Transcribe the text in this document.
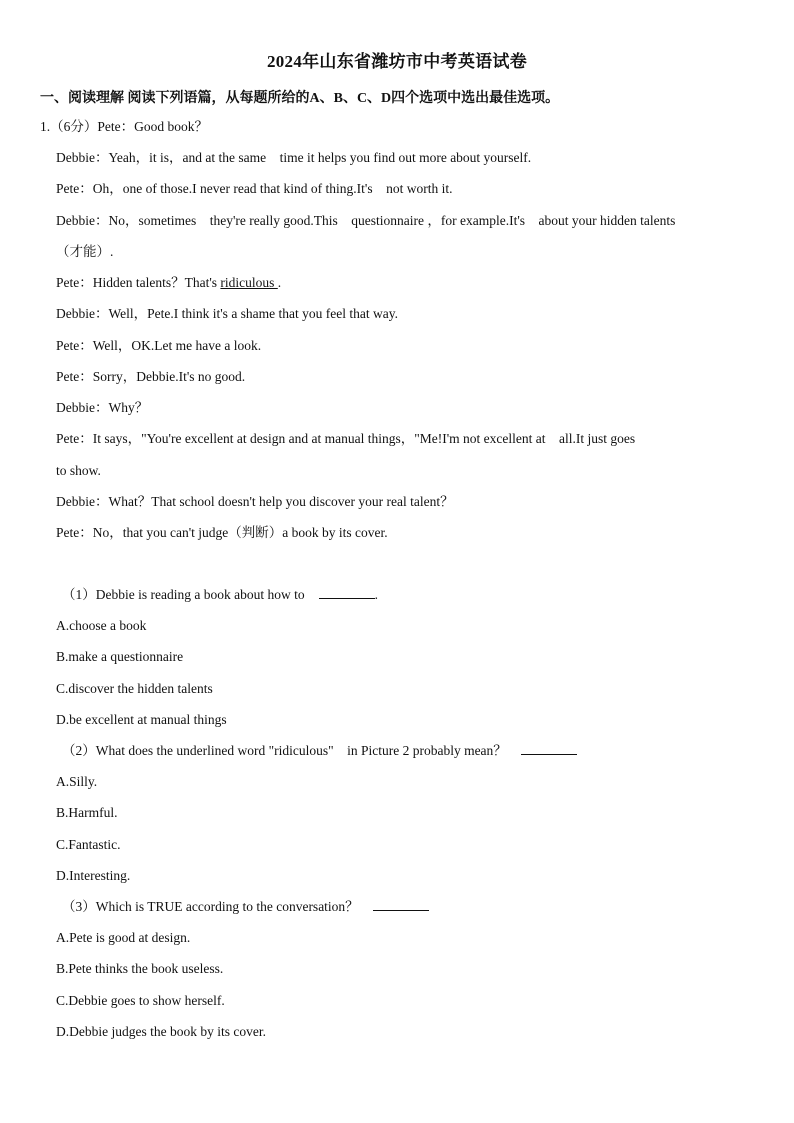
2024年山东省潍坊市中考英语试卷
一、阅读理解 阅读下列语篇，从每题所给的A、B、C、D四个选项中选出最佳选项。
1.（6分）Pete：Good book？
Debbie：Yeah，it is，and at the same　time it helps you find out more about yourself.
Pete：Oh，one of those.I never read that kind of thing.It's　not worth it.
Debbie：No，sometimes　they're really good.This　questionnaire ，for example.It's　about your hidden talents
（才能）.
Pete：Hidden talents？That's ridiculous .
Debbie：Well，Pete.I think it's a shame that you feel that way.
Pete：Well，OK.Let me have a look.
Pete：Sorry，Debbie.It's no good.
Debbie：Why？
Pete：It says，"You're excellent at design and at manual things，"Me!I'm not excellent at　all.It just goes
to show.
Debbie：What？That school doesn't help you discover your real talent？
Pete：No，that you can't judge（判断）a book by its cover.
（1）Debbie is reading a book about how to	.
A.choose a book
B.make a questionnaire
C.discover the hidden talents
D.be excellent at manual things
（2）What does the underlined word "ridiculous"　in Picture 2 probably mean？
A.Silly.
B.Harmful.
C.Fantastic.
D.Interesting.
（3）Which is TRUE according to the conversation？
A.Pete is good at design.
B.Pete thinks the book useless.
C.Debbie goes to show herself.
D.Debbie judges the book by its cover.
